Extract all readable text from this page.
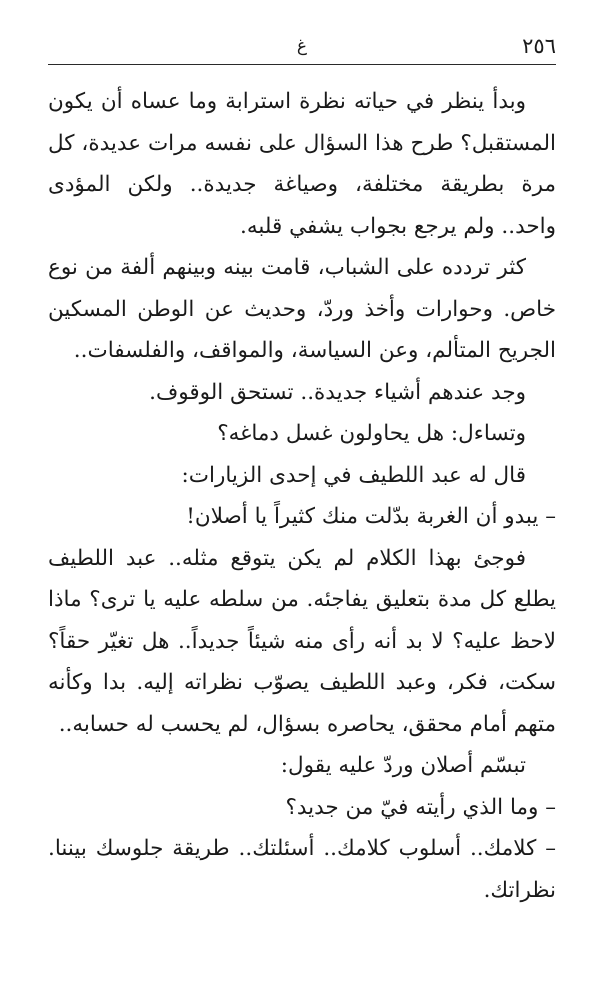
٢٥٦
غ

وبدأ ينظر في حياته نظرة استرابة وما عساه أن يكون المستقبل؟ طرح هذا السؤال على نفسه مرات عديدة، كل مرة بطريقة مختلفة، وصياغة جديدة.. ولكن المؤدى واحد.. ولم يرجع بجواب يشفي قلبه.

كثر تردده على الشباب، قامت بينه وبينهم ألفة من نوع خاص. وحوارات وأخذ وردّ، وحديث عن الوطن المسكين الجريح المتألم، وعن السياسة، والمواقف، والفلسفات..

وجد عندهم أشياء جديدة.. تستحق الوقوف.

وتساءل: هل يحاولون غسل دماغه؟

قال له عبد اللطيف في إحدى الزيارات:

– يبدو أن الغربة بدّلت منك كثيراً يا أصلان!

فوجئ بهذا الكلام لم يكن يتوقع مثله.. عبد اللطيف يطلع كل مدة بتعليق يفاجئه. من سلطه عليه يا ترى؟ ماذا لاحظ عليه؟ لا بد أنه رأى منه شيئاً جديداً.. هل تغيّر حقاً؟ سكت، فكر، وعبد اللطيف يصوّب نظراته إليه. بدا وكأنه متهم أمام محقق، يحاصره بسؤال، لم يحسب له حسابه..

تبسّم أصلان وردّ عليه يقول:

– وما الذي رأيته فيّ من جديد؟

– كلامك.. أسلوب كلامك.. أسئلتك.. طريقة جلوسك بيننا. نظراتك.
